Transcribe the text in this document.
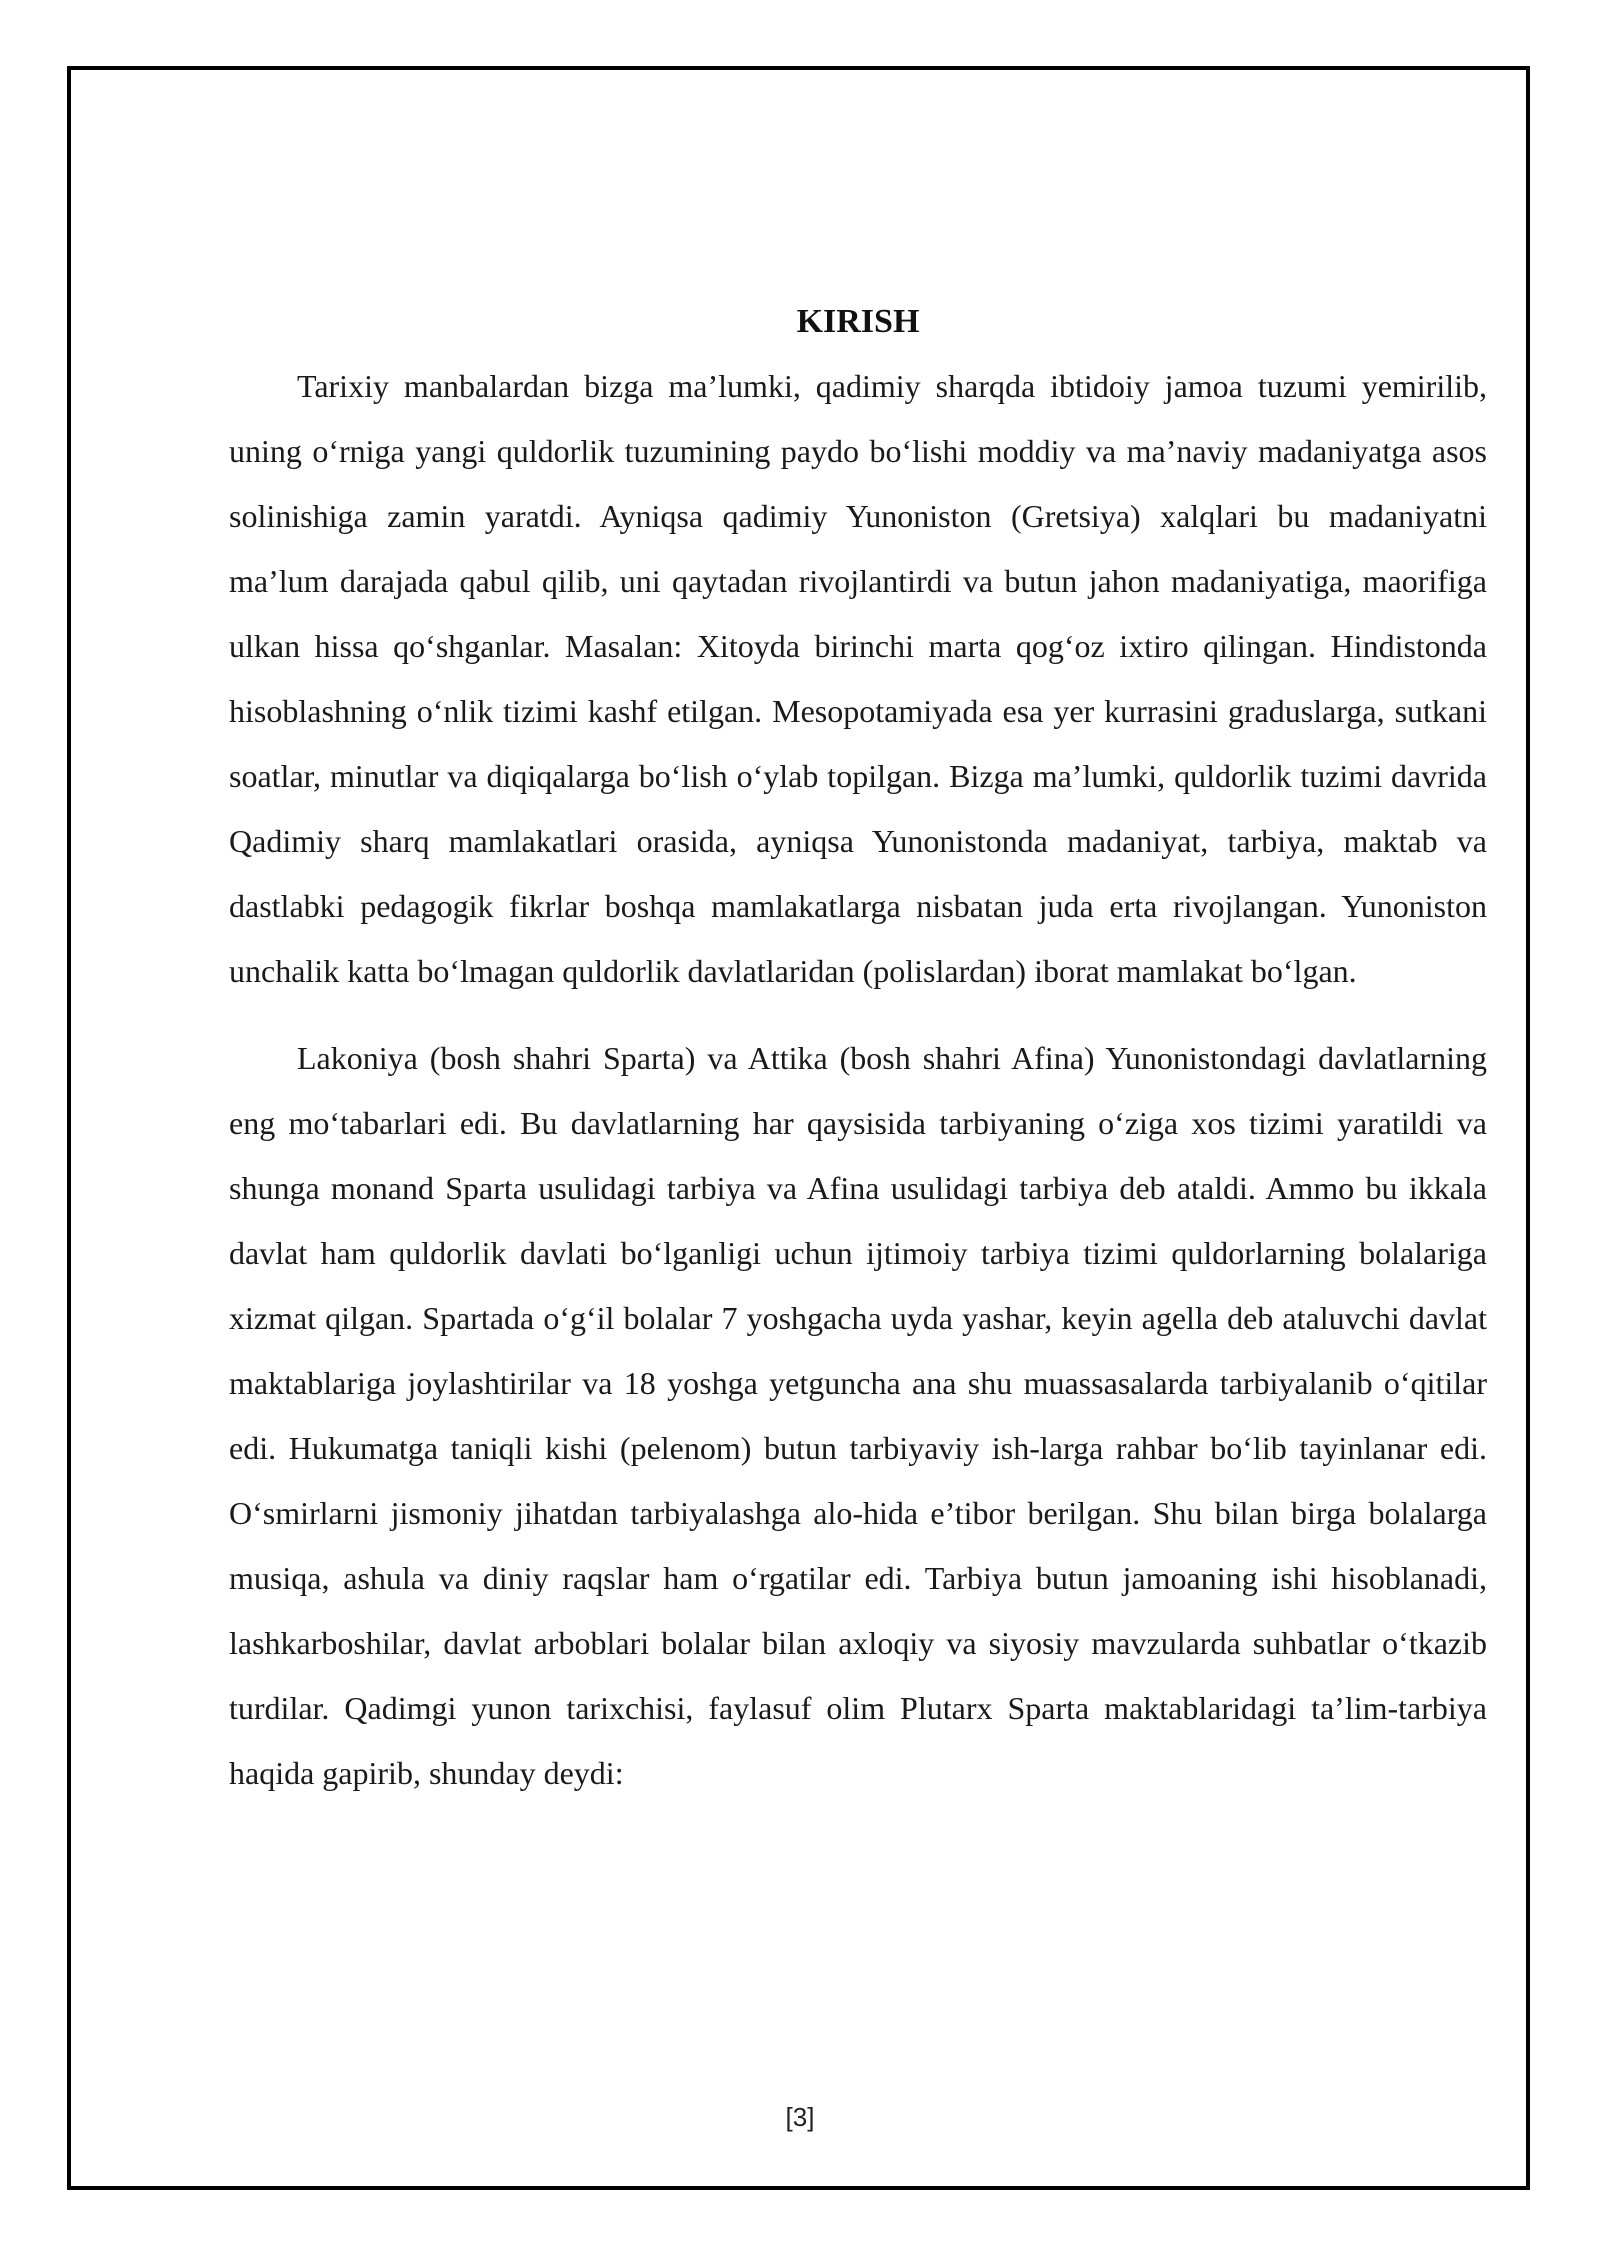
KIRISH

Tarixiy manbalardan bizga ma’lumki, qadimiy sharqda ibtidoiy jamoa tuzumi yemirilib, uning o‘rniga yangi quldorlik tuzumining paydo bo‘lishi moddiy va ma’naviy madaniyatga asos solinishiga zamin yaratdi. Ayniqsa qadimiy Yunoniston (Gretsiya) xalqlari bu madaniyatni ma’lum darajada qabul qilib, uni qaytadan rivojlantirdi va butun jahon madaniyatiga, maorifiga ulkan hissa qo‘shganlar. Masalan: Xitoyda birinchi marta qog‘oz ixtiro qilingan. Hindistonda hisoblashning o‘nlik tizimi kashf etilgan. Mesopotamiyada esa yer kurrasini graduslarga, sutkani soatlar, minutlar va diqiqalarga bo‘lish o‘ylab topilgan. Bizga ma’lumki, quldorlik tuzimi davrida Qadimiy sharq mamlakatlari orasida, ayniqsa Yunonistonda madaniyat, tarbiya, maktab va dastlabki pedagogik fikrlar boshqa mamlakatlarga nisbatan juda erta rivojlangan. Yunoniston unchalik katta bo‘lmagan quldorlik davlatlaridan (polislardan) iborat mamlakat bo‘lgan.

Lakoniya (bosh shahri Sparta) va Attika (bosh shahri Afina) Yunonistondagi davlatlarning eng mo‘tabarlari edi. Bu davlatlarning har qaysisida tarbiyaning o‘ziga xos tizimi yaratildi va shunga monand Sparta usulidagi tarbiya va Afina usulidagi tarbiya deb ataldi. Ammo bu ikkala davlat ham quldorlik davlati bo‘lganligi uchun ijtimoiy tarbiya tizimi quldorlarning bolalariga xizmat qilgan. Spartada o‘g‘il bolalar 7 yoshgacha uyda yashar, keyin agella deb ataluvchi davlat maktablariga joylashtirilar va 18 yoshga yetguncha ana shu muassasalarda tarbiyalanib o‘qitilar edi. Hukumatga taniqli kishi (pelenom) butun tarbiyaviy ish-larga rahbar bo‘lib tayinlanar edi. O‘smirlarni jismoniy jihatdan tarbiyalashga alo-hida e’tibor berilgan. Shu bilan birga bolalarga musiqa, ashula va diniy raqslar ham o‘rgatilar edi. Tarbiya butun jamoaning ishi hisoblanadi, lashkarboshilar, davlat arboblari bolalar bilan axloqiy va siyosiy mavzularda suhbatlar o‘tkazib turdilar. Qadimgi yunon tarixchisi, faylasuf olim Plutarx Sparta maktablaridagi ta’lim-tarbiya haqida gapirib, shunday deydi:

[3]
